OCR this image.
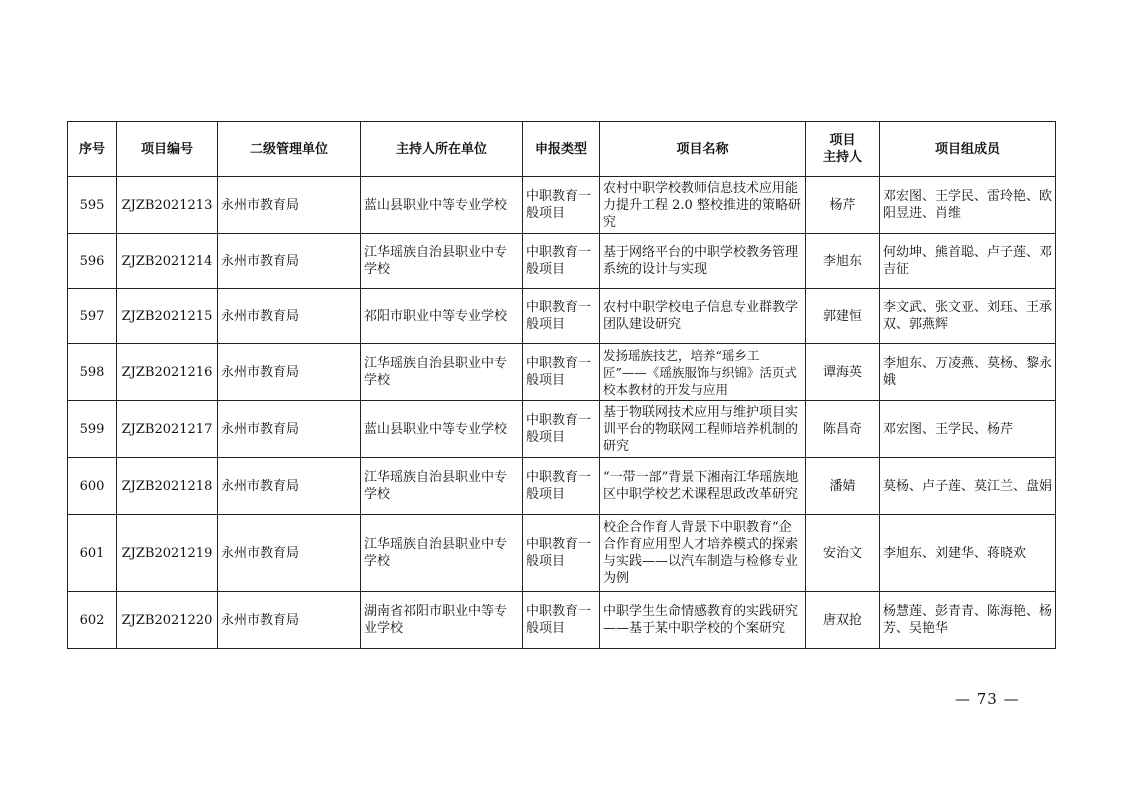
序号	项目编号	二级管理单位	主持人所在单位	申报类型	项目名称	项目
主持人	项目组成员
595	ZJZB2021213	永州市教育局	蓝山县职业中等专业学校	中职教育一般项目	农村中职学校教师信息技术应用能力提升工程 2.0 整校推进的策略研究	杨芹	邓宏图、王学民、雷玲艳、欧阳昱进、肖维
596	ZJZB2021214	永州市教育局	江华瑶族自治县职业中专学校	中职教育一般项目	基于网络平台的中职学校教务管理系统的设计与实现	李旭东	何幼坤、熊首聪、卢子莲、邓吉征
597	ZJZB2021215	永州市教育局	祁阳市职业中等专业学校	中职教育一般项目	农村中职学校电子信息专业群教学团队建设研究	郭建恒	李文武、张文亚、刘珏、王承双、郭燕辉
598	ZJZB2021216	永州市教育局	江华瑶族自治县职业中专学校	中职教育一般项目	发扬瑶族技艺，培养“瑶乡工匠”——《瑶族服饰与织锦》活页式校本教材的开发与应用	谭海英	李旭东、万凌燕、莫杨、黎永娥
599	ZJZB2021217	永州市教育局	蓝山县职业中等专业学校	中职教育一般项目	基于物联网技术应用与维护项目实训平台的物联网工程师培养机制的研究	陈昌奇	邓宏图、王学民、杨芹
600	ZJZB2021218	永州市教育局	江华瑶族自治县职业中专学校	中职教育一般项目	“一带一部”背景下湘南江华瑶族地区中职学校艺术课程思政改革研究	潘婧	莫杨、卢子莲、莫江兰、盘娟
601	ZJZB2021219	永州市教育局	江华瑶族自治县职业中专学校	中职教育一般项目	校企合作育人背景下中职教育“企合作育应用型人才培养模式的探索与实践——以汽车制造与检修专业为例	安治文	李旭东、刘建华、蒋晓欢
602	ZJZB2021220	永州市教育局	湖南省祁阳市职业中等专业学校	中职教育一般项目	中职学生生命情感教育的实践研究——基于某中职学校的个案研究	唐双抢	杨慧莲、彭青青、陈海艳、杨芳、吴艳华
— 73 —
